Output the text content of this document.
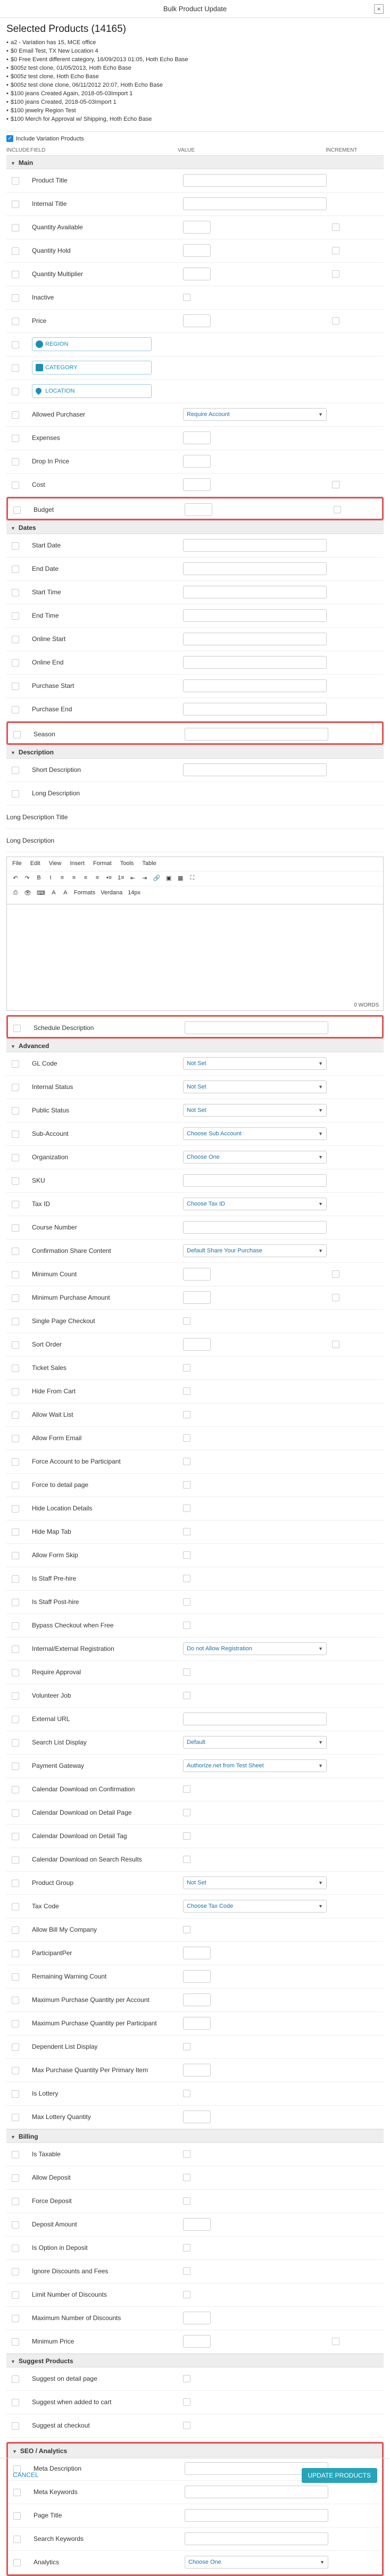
Bulk Product Update	×
Selected Products (14165)
• a2 - Variation has 15, MCE office
• $0 Email Test, TX New Location 4
• $0 Free Event different category, 16/09/2013 01:05, Hoth Echo Base
• $005z test clone, 01/05/2013, Hoth Echo Base
• $005z test clone, Hoth Echo Base
• $005z test clone clone, 06/11/2012 20:07, Hoth Echo Base
• $100 jeans Created Again, 2018-05-03Import 1
• $100 jeans Created, 2018-05-03Import 1
• $100 jewelry Region Test
• $100 Merch for Approval w/ Shipping, Hoth Echo Base
✓ Include Variation Products
INCLUDE FIELD	VALUE	INCREMENT
▼ Main
Product Title
Internal Title
Quantity Available
Quantity Hold
Quantity Multiplier
Inactive
Price
REGION
CATEGORY
LOCATION
Allowed Purchaser	Require Account	▼
Expenses
Drop In Price
Cost
Budget
▼ Dates
Start Date
End Date
Start Time
End Time
Online Start
Online End
Purchase Start
Purchase End
Season
▼ Description
Short Description
Long Description
Long Description Title
Long Description
File Edit View Insert Format Tools Table
↶ ↷ B	I	≡ ≡ ≡ ≡ •≡ 1≡ ⇤ ⇥ 🔗 ▣ ▦ ⛶
⎙ 👁 ⌨ A A Formats Verdana 14px
0 WORDS
Schedule Description
▼ Advanced
GL Code	Not Set	▼
Internal Status	Not Set	▼
Public Status	Not Set	▼
Sub-Account	Choose Sub Account	▼
Organization	Choose One	▼
SKU
Tax ID	Choose Tax ID	▼
Course Number
Confirmation Share Content	Default Share Your Purchase	▼
Minimum Count
Minimum Purchase Amount
Single Page Checkout
Sort Order
Ticket Sales
Hide From Cart
Allow Wait List
Allow Form Email
Force Account to be Participant
Force to detail page
Hide Location Details
Hide Map Tab
Allow Form Skip
Is Staff Pre-hire
Is Staff Post-hire
Bypass Checkout when Free
Internal/External Registration	Do not Allow Registration	▼
Require Approval
Volunteer Job
External URL
Search List Display	Default	▼
Payment Gateway	Authorize.net from Test Sheet	▼
Calendar Download on Confirmation
Calendar Download on Detail Page
Calendar Download on Detail Tag
Calendar Download on Search Results
Product Group	Not Set	▼
Tax Code	Choose Tax Code	▼
Allow Bill My Company
ParticipantPer
Remaining Warning Count
Maximum Purchase Quantity per Account
Maximum Purchase Quantity per Participant
Dependent List Display
Max Purchase Quantity Per Primary Item
Is Lottery
Max Lottery Quantity
▼ Billing
Is Taxable
Allow Deposit
Force Deposit
Deposit Amount
Is Option in Deposit
Ignore Discounts and Fees
Limit Number of Discounts
Maximum Number of Discounts
Minimum Price
▼ Suggest Products
Suggest on detail page
Suggest when added to cart
Suggest at checkout
▼ SEO / Analytics
Meta Description
Meta Keywords
Page Title
Search Keywords
Analytics	Choose One	▼
CANCEL	UPDATE PRODUCTS
